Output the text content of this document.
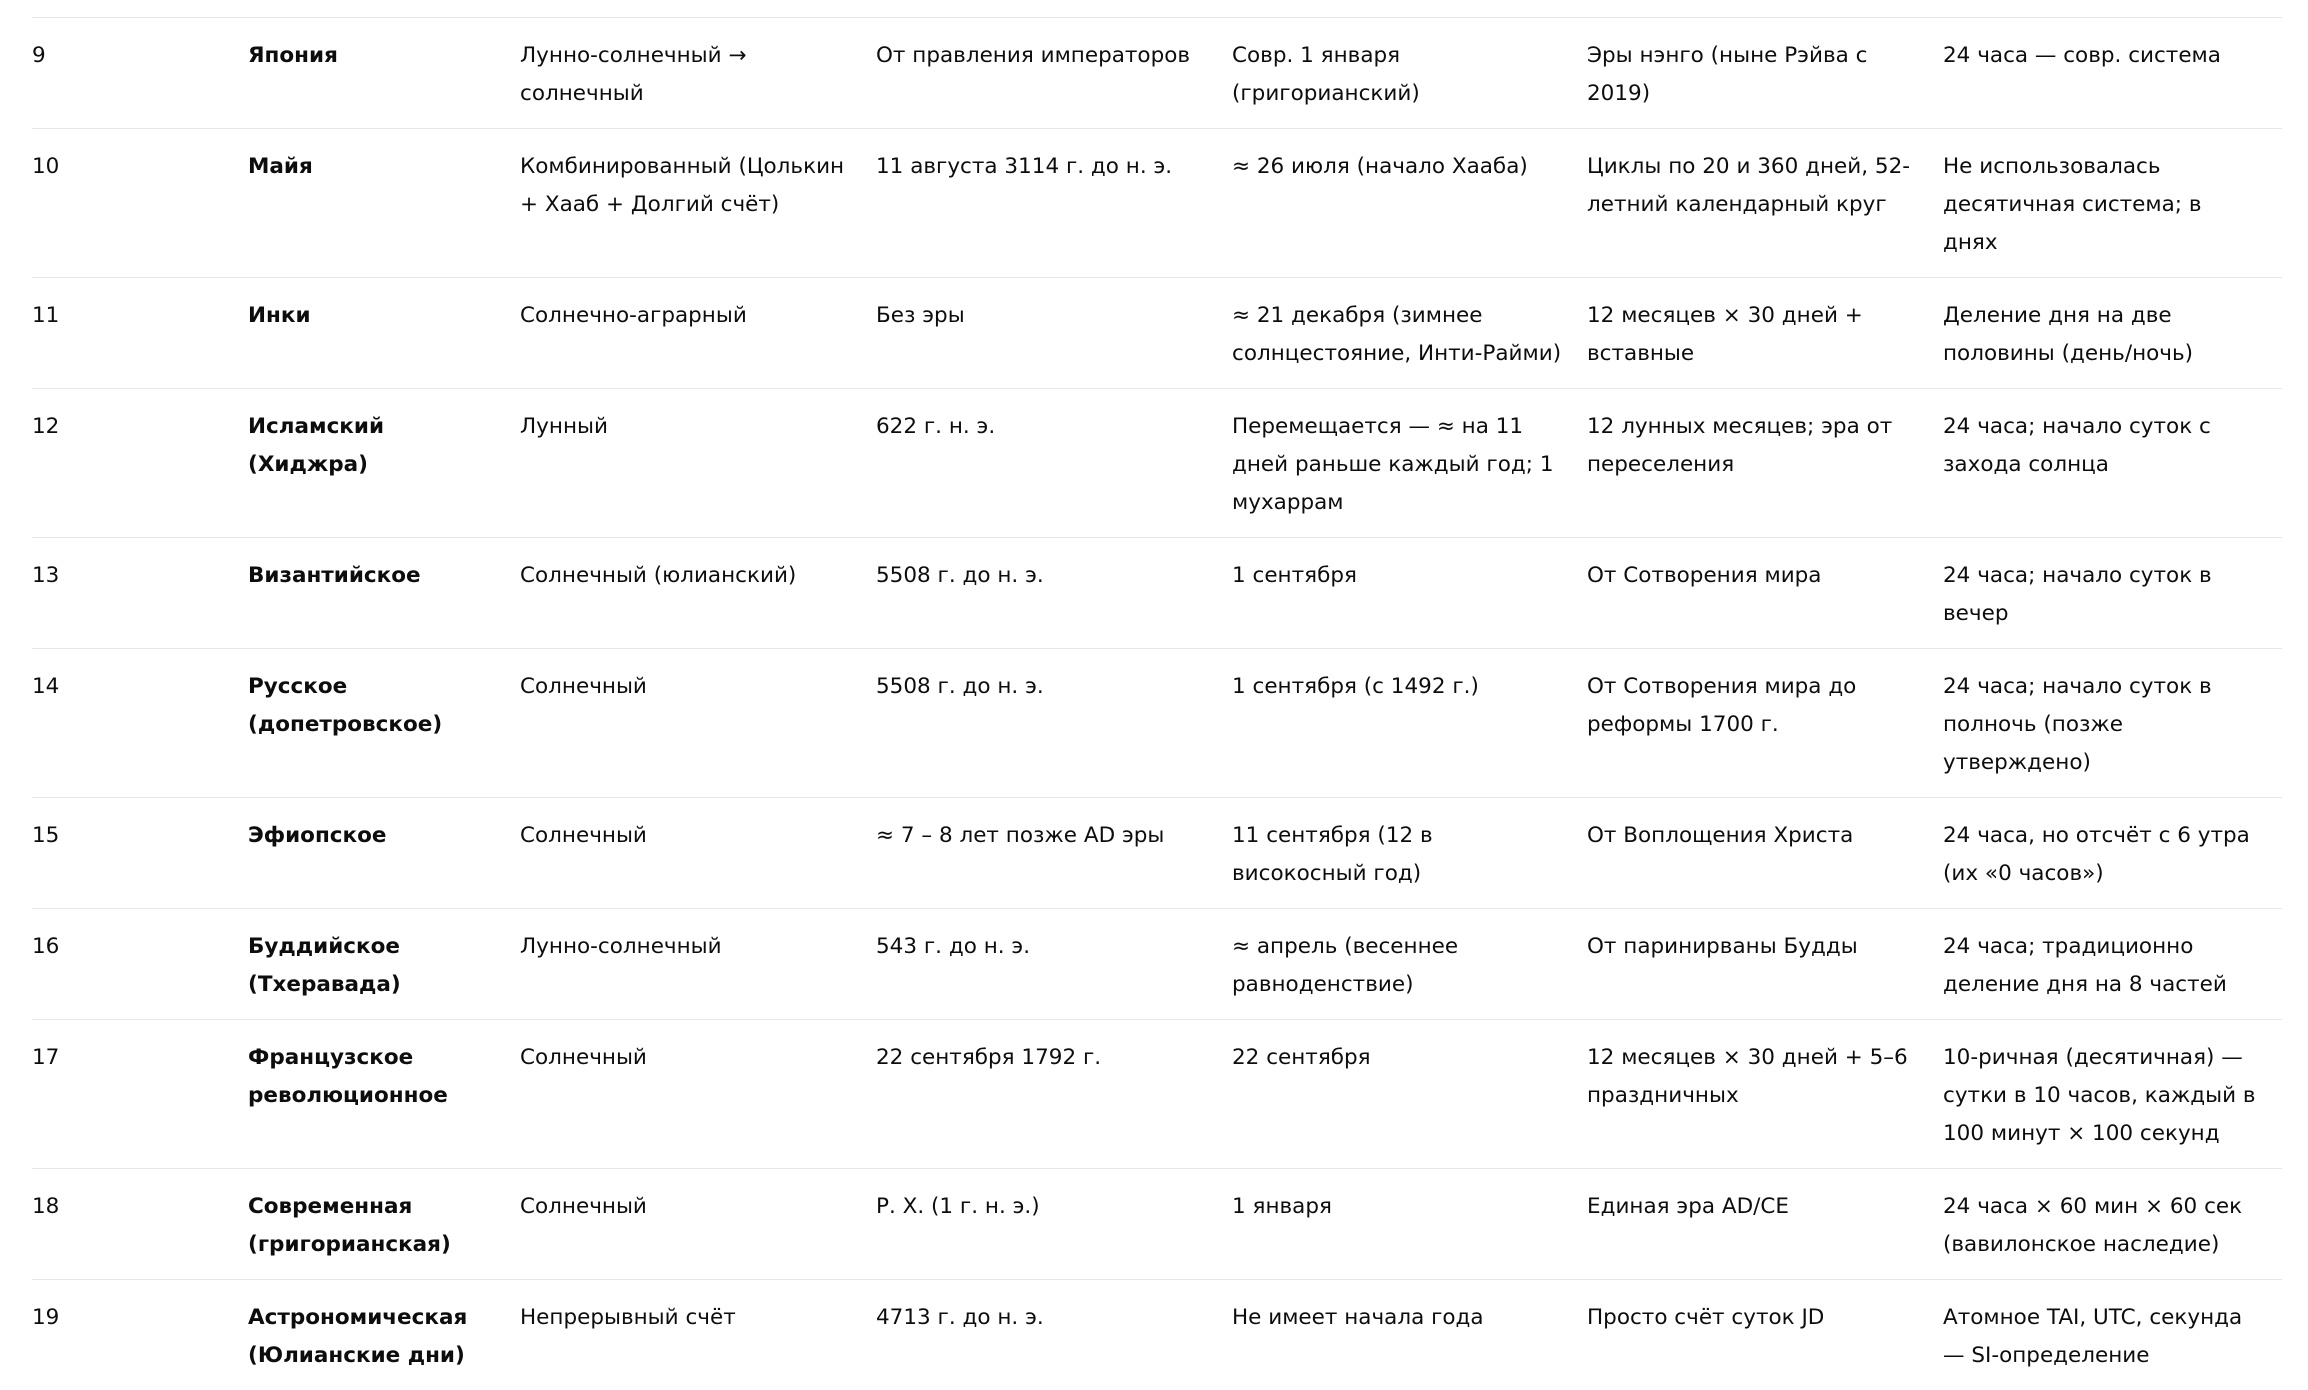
9	Япония	Лунно-солнечный → солнечный	От правления императоров	Совр. 1 января (григорианский)	Эры нэнго (ныне Рэйва с 2019)	24 часа — совр. система

10	Майя	Комбинированный (Цолькин + Хааб + Долгий счёт)	11 августа 3114 г. до н. э.	≈ 26 июля (начало Хааба)	Циклы по 20 и 360 дней, 52-летний календарный круг	Не использовалась десятичная система; в днях

11	Инки	Солнечно-аграрный	Без эры	≈ 21 декабря (зимнее солнцестояние, Инти-Райми)	12 месяцев × 30 дней + вставные	Деление дня на две половины (день/ночь)

12	Исламский (Хиджра)	Лунный	622 г. н. э.	Перемещается — ≈ на 11 дней раньше каждый год; 1 мухаррам	12 лунных месяцев; эра от переселения	24 часа; начало суток с захода солнца

13	Византийское	Солнечный (юлианский)	5508 г. до н. э.	1 сентября	От Сотворения мира	24 часа; начало суток в вечер

14	Русское (допетровское)	Солнечный	5508 г. до н. э.	1 сентября (с 1492 г.)	От Сотворения мира до реформы 1700 г.	24 часа; начало суток в полночь (позже утверждено)

15	Эфиопское	Солнечный	≈ 7 – 8 лет позже AD эры	11 сентября (12 в високосный год)	От Воплощения Христа	24 часа, но отсчёт с 6 утра (их «0 часов»)

16	Буддийское (Тхеравада)	Лунно-солнечный	543 г. до н. э.	≈ апрель (весеннее равноденствие)	От паринирваны Будды	24 часа; традиционно деление дня на 8 частей

17	Французское революционное	Солнечный	22 сентября 1792 г.	22 сентября	12 месяцев × 30 дней + 5–6 праздничных	10-ричная (десятичная) — сутки в 10 часов, каждый в 100 минут × 100 секунд

18	Современная (григорианская)	Солнечный	Р. Х. (1 г. н. э.)	1 января	Единая эра AD/CE	24 часа × 60 мин × 60 сек (вавилонское наследие)

19	Астрономическая (Юлианские дни)	Непрерывный счёт	4713 г. до н. э.	Не имеет начала года	Просто счёт суток JD	Атомное TAI, UTC, секунда — SI-определение
